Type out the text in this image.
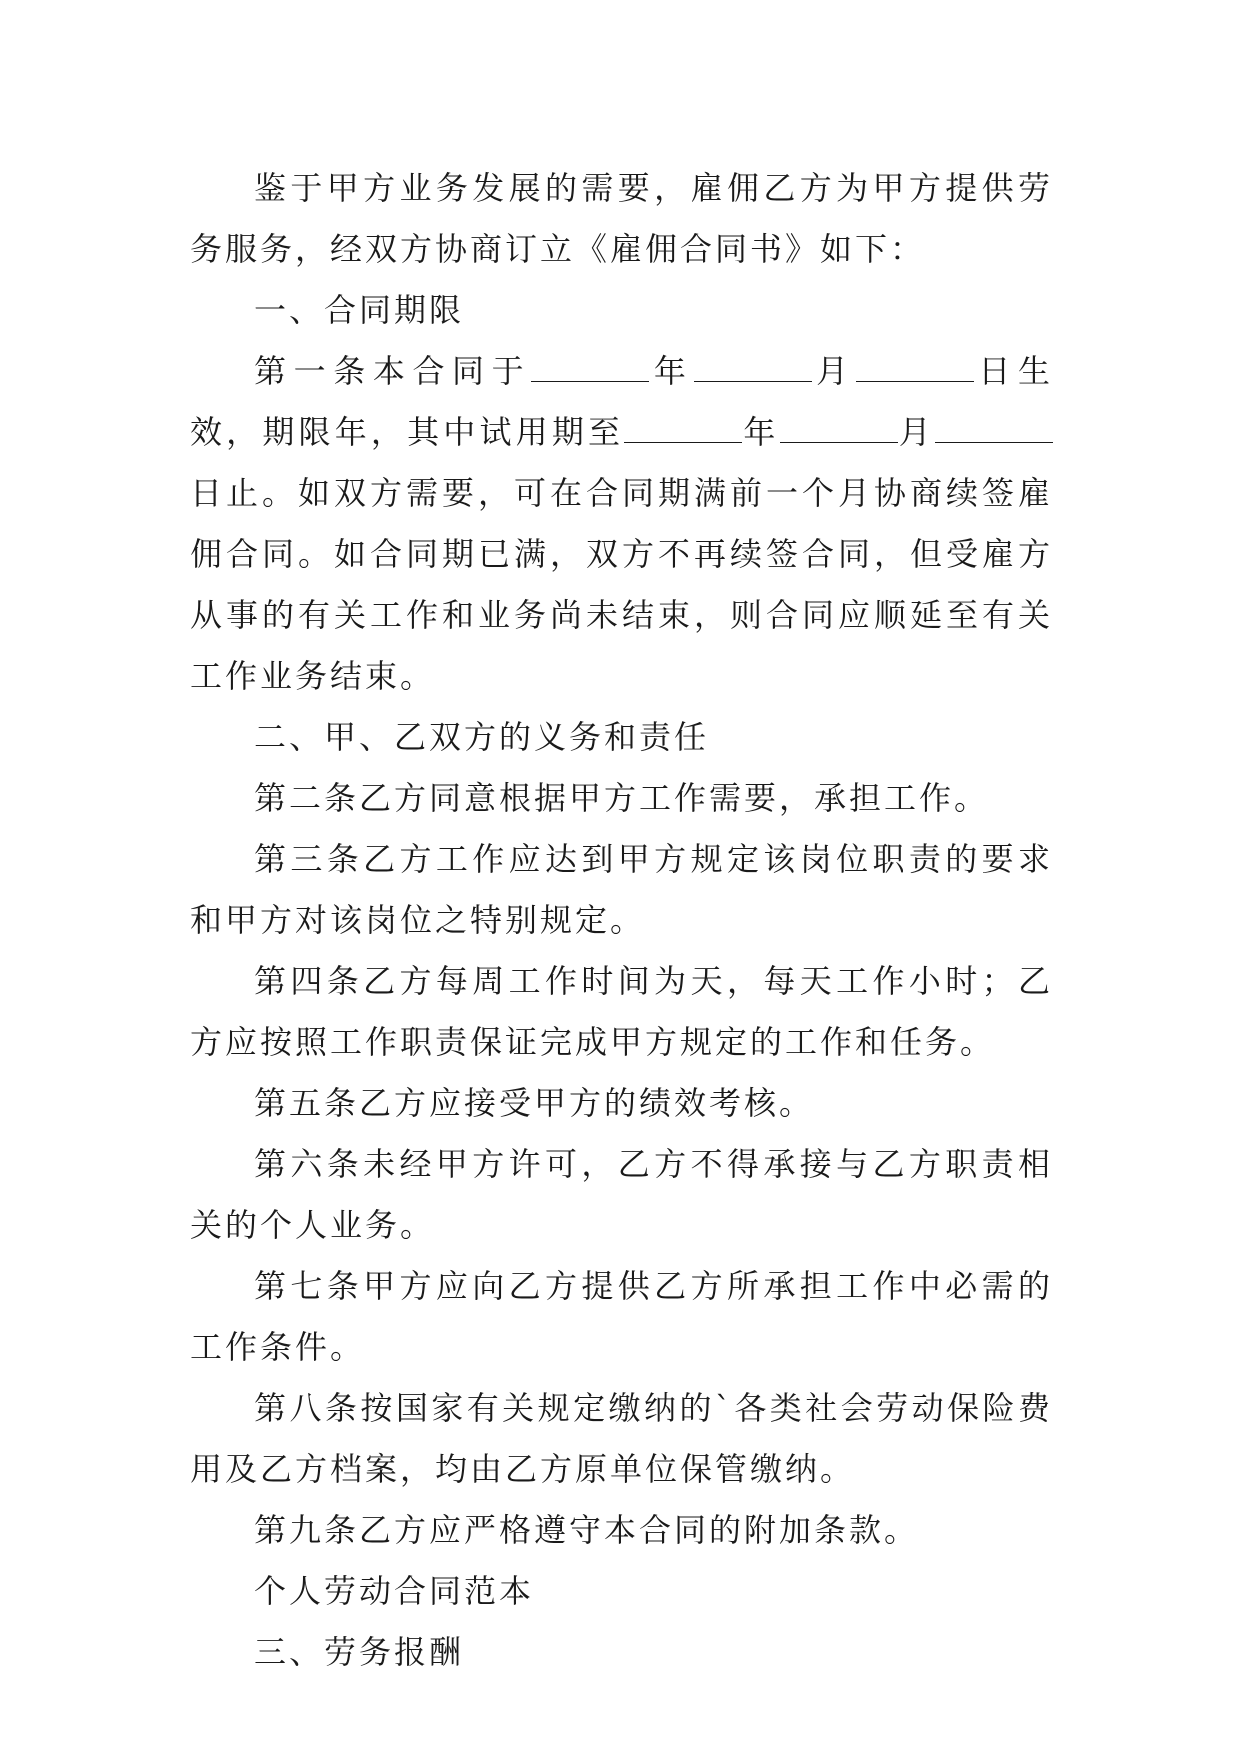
鉴于甲方业务发展的需要，雇佣乙方为甲方提供劳务服务，经双方协商订立《雇佣合同书》如下：

一、合同期限

第一条本合同于	年	月	日生效，期限年，其中试用期至	年	月日止。如双方需要，可在合同期满前一个月协商续签雇佣合同。如合同期已满，双方不再续签合同，但受雇方从事的有关工作和业务尚未结束，则合同应顺延至有关工作业务结束。

二、甲、乙双方的义务和责任

第二条乙方同意根据甲方工作需要，承担工作。

第三条乙方工作应达到甲方规定该岗位职责的要求和甲方对该岗位之特别规定。

第四条乙方每周工作时间为天，每天工作小时；乙方应按照工作职责保证完成甲方规定的工作和任务。

第五条乙方应接受甲方的绩效考核。

第六条未经甲方许可，乙方不得承接与乙方职责相关的个人业务。

第七条甲方应向乙方提供乙方所承担工作中必需的工作条件。

第八条按国家有关规定缴纳的`各类社会劳动保险费用及乙方档案，均由乙方原单位保管缴纳。

第九条乙方应严格遵守本合同的附加条款。

个人劳动合同范本

三、劳务报酬
